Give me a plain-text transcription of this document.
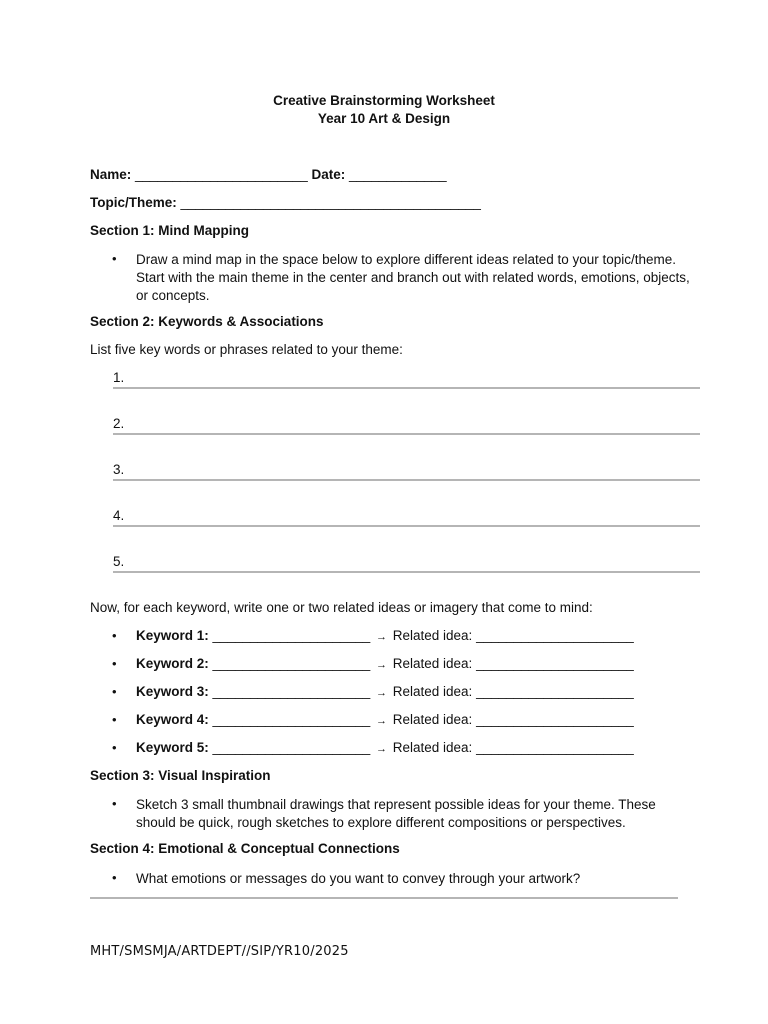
Creative Brainstorming Worksheet
Year 10 Art & Design
Name: _______________________ Date: _____________
Topic/Theme: ________________________________________
Section 1: Mind Mapping
• Draw a mind map in the space below to explore different ideas related to your topic/theme. Start with the main theme in the center and branch out with related words, emotions, objects, or concepts.
Section 2: Keywords & Associations
List five key words or phrases related to your theme:
1.
2.
3.
4.
5.
Now, for each keyword, write one or two related ideas or imagery that come to mind:
• Keyword 1: _____________________ → Related idea: _____________________
• Keyword 2: _____________________ → Related idea: _____________________
• Keyword 3: _____________________ → Related idea: _____________________
• Keyword 4: _____________________ → Related idea: _____________________
• Keyword 5: _____________________ → Related idea: _____________________
Section 3: Visual Inspiration
• Sketch 3 small thumbnail drawings that represent possible ideas for your theme. These should be quick, rough sketches to explore different compositions or perspectives.
Section 4: Emotional & Conceptual Connections
• What emotions or messages do you want to convey through your artwork?
MHT/SMSMJA/ARTDEPT//SIP/YR10/2025
